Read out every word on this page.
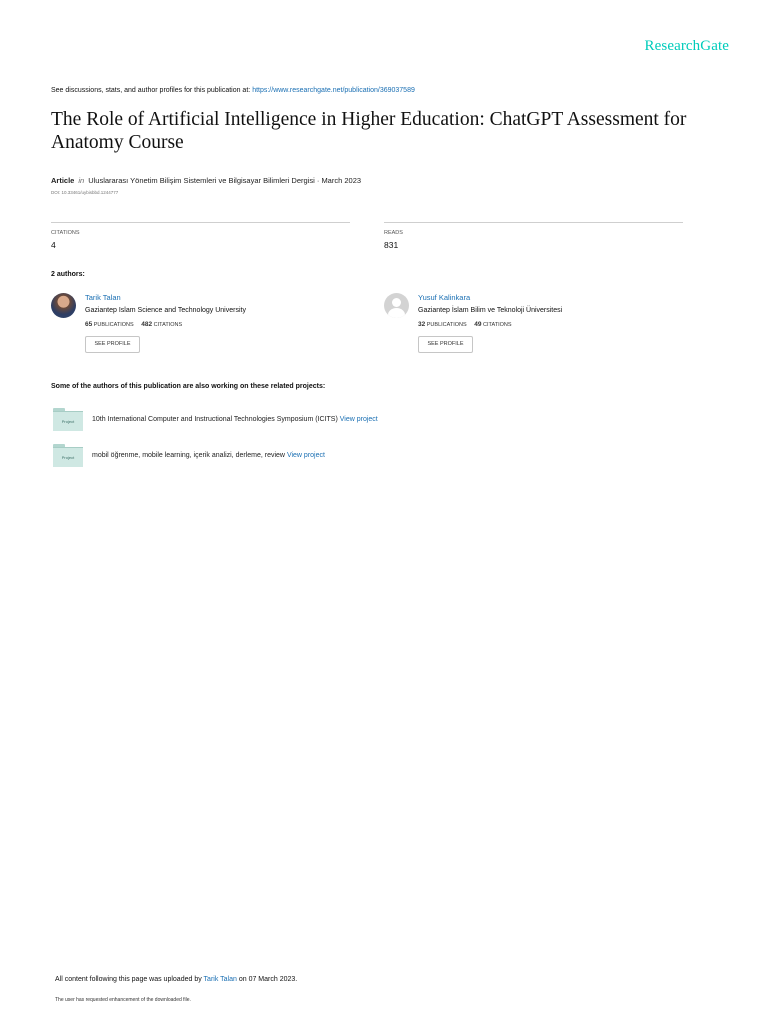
ResearchGate
See discussions, stats, and author profiles for this publication at: https://www.researchgate.net/publication/369037589
The Role of Artificial Intelligence in Higher Education: ChatGPT Assessment for Anatomy Course
Article in Uluslararası Yönetim Bilişim Sistemleri ve Bilgisayar Bilimleri Dergisi · March 2023
DOI: 10.33461/uybisbbd.1244777
CITATIONS
4
READS
831
2 authors:
Tarik Talan
Gaziantep Islam Science and Technology University
65 PUBLICATIONS 482 CITATIONS
SEE PROFILE
Yusuf Kalinkara
Gaziantep İslam Bilim ve Teknoloji Üniversitesi
32 PUBLICATIONS 49 CITATIONS
SEE PROFILE
Some of the authors of this publication are also working on these related projects:
Project	10th International Computer and Instructional Technologies Symposium (ICITS) View project
Project	mobil öğrenme, mobile learning, içerik analizi, derleme, review View project
All content following this page was uploaded by Tarik Talan on 07 March 2023.
The user has requested enhancement of the downloaded file.
